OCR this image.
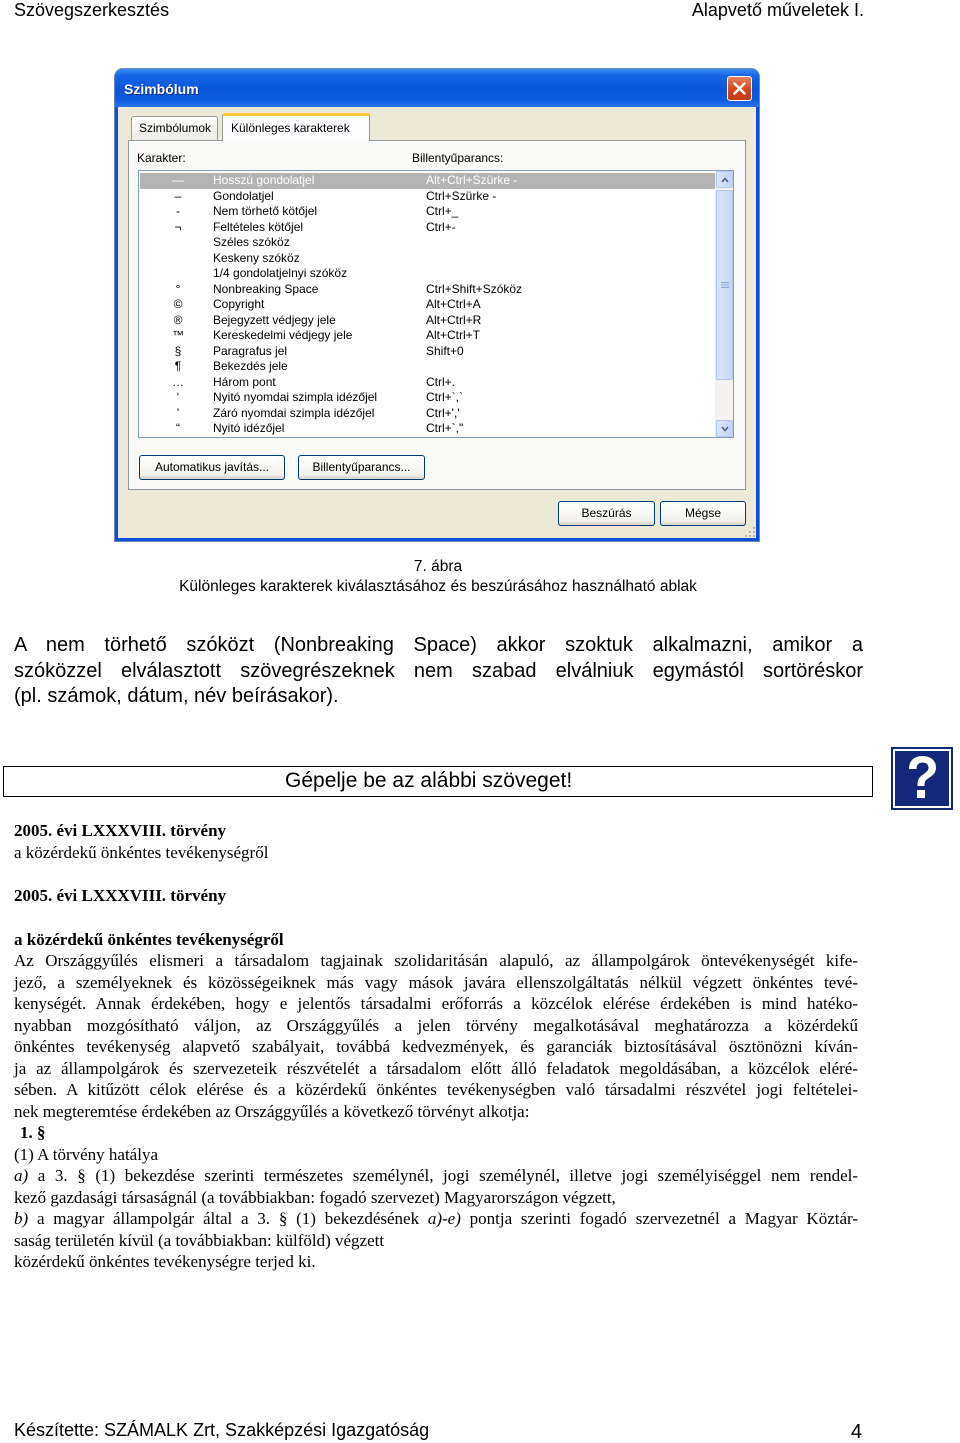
Szövegszerkesztés	Alapvető műveletek I.
Szimbólum
Szimbólumok	Különleges karakterek
Karakter:	Billentyűparancs:
— Hosszú gondolatjel	Alt+Ctrl+Szürke -
–	Gondolatjel	Ctrl+Szürke -
-	Nem törhető kötőjel	Ctrl+_
¬	Feltételes kötőjel	Ctrl+-
Széles szóköz
Keskeny szóköz
1/4 gondolatjelnyi szóköz
°	Nonbreaking Space	Ctrl+Shift+Szóköz
©	Copyright	Alt+Ctrl+A
®	Bejegyzett védjegy jele	Alt+Ctrl+R
™ Kereskedelmi védjegy jele	Alt+Ctrl+T
§	Paragrafus jel	Shift+0
¶	Bekezdés jele
… Három pont	Ctrl+.
‘	Nyitó nyomdai szimpla idézőjel	Ctrl+`,`
’	Záró nyomdai szimpla idézőjel	Ctrl+','
“	Nyitó idézőjel	Ctrl+`,"
Automatikus javítás...	Billentyűparancs...
Beszúrás	Mégse
7. ábra
Különleges karakterek kiválasztásához és beszúrásához használható ablak
A nem törhető szóközt (Nonbreaking Space) akkor szoktuk alkalmazni, amikor a
szóközzel elválasztott szövegrészeknek nem szabad elválniuk egymástól sortöréskor
(pl. számok, dátum, név beírásakor).
Gépelje be az alábbi szöveget!
2005. évi LXXXVIII. törvény
a közérdekű önkéntes tevékenységről
2005. évi LXXXVIII. törvény
a közérdekű önkéntes tevékenységről
Az Országgyűlés elismeri a társadalom tagjainak szolidaritásán alapuló, az állampolgárok öntevékenységét kife-
jező, a személyeknek és közösségeiknek más vagy mások javára ellenszolgáltatás nélkül végzett önkéntes tevé-
kenységét. Annak érdekében, hogy e jelentős társadalmi erőforrás a közcélok elérése érdekében is mind hatéko-
nyabban mozgósítható váljon, az Országgyűlés a jelen törvény megalkotásával meghatározza a közérdekű
önkéntes tevékenység alapvető szabályait, továbbá kedvezmények, és garanciák biztosításával ösztönözni kíván-
ja az állampolgárok és szervezeteik részvételét a társadalom előtt álló feladatok megoldásában, a közcélok eléré-
sében. A kitűzött célok elérése és a közérdekű önkéntes tevékenységben való társadalmi részvétel jogi feltételei-
nek megteremtése érdekében az Országgyűlés a következő törvényt alkotja:
1. §
(1) A törvény hatálya
a) a 3. § (1) bekezdése szerinti természetes személynél, jogi személynél, illetve jogi személyiséggel nem rendel-
kező gazdasági társaságnál (a továbbiakban: fogadó szervezet) Magyarországon végzett,
b) a magyar állampolgár által a 3. § (1) bekezdésének a)-e) pontja szerinti fogadó szervezetnél a Magyar Köztár-
saság területén kívül (a továbbiakban: külföld) végzett
közérdekű önkéntes tevékenységre terjed ki.
Készítette: SZÁMALK Zrt, Szakképzési Igazgatóság	4
